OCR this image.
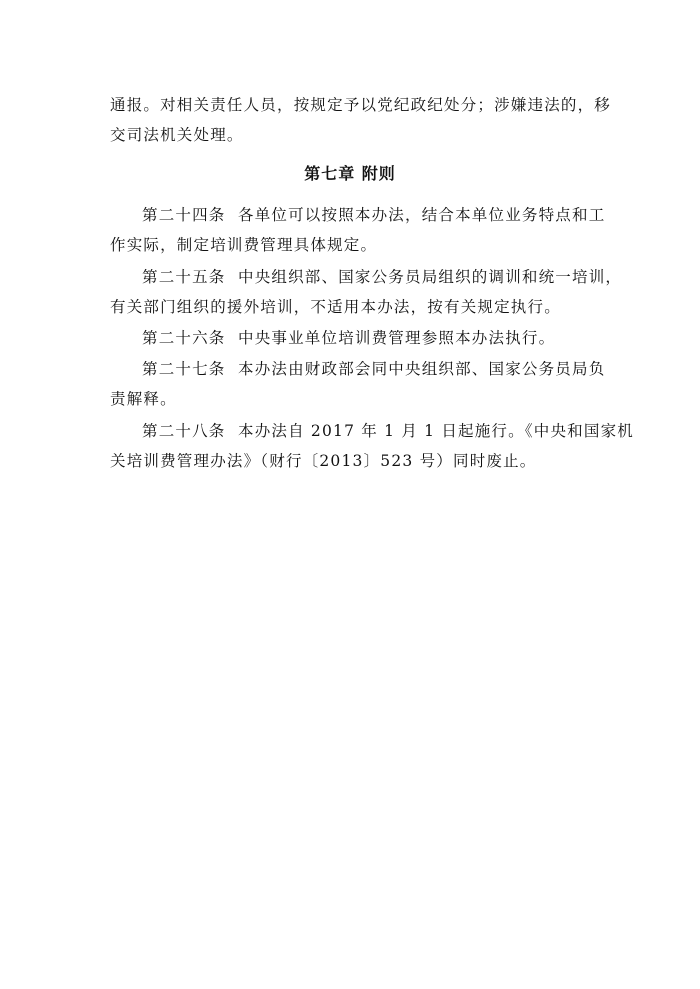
通报。对相关责任人员，按规定予以党纪政纪处分；涉嫌违法的，移
交司法机关处理。
第七章 附则
第二十四条 各单位可以按照本办法，结合本单位业务特点和工
作实际，制定培训费管理具体规定。
第二十五条 中央组织部、国家公务员局组织的调训和统一培训，
有关部门组织的援外培训，不适用本办法，按有关规定执行。
第二十六条 中央事业单位培训费管理参照本办法执行。
第二十七条 本办法由财政部会同中央组织部、国家公务员局负
责解释。
第二十八条 本办法自 2017 年 1 月 1 日起施行。《中央和国家机
关培训费管理办法》（财行〔2013〕523 号）同时废止。
